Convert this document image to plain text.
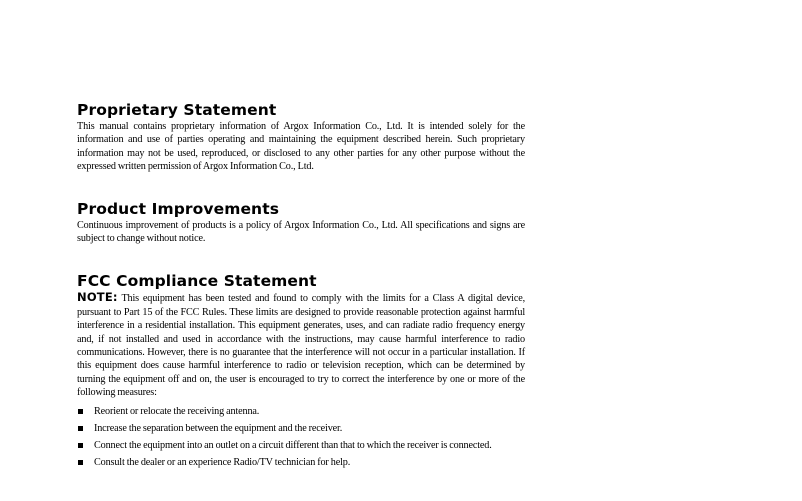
Proprietary Statement

This manual contains proprietary information of Argox Information Co., Ltd. It is intended solely for the information and use of parties operating and maintaining the equipment described herein. Such proprietary information may not be used, reproduced, or disclosed to any other parties for any other purpose without the expressed written permission of Argox Information Co., Ltd.

Product Improvements

Continuous improvement of products is a policy of Argox Information Co., Ltd. All specifications and signs are subject to change without notice.

FCC Compliance Statement

NOTE: This equipment has been tested and found to comply with the limits for a Class A digital device, pursuant to Part 15 of the FCC Rules. These limits are designed to provide reasonable protection against harmful interference in a residential installation. This equipment generates, uses, and can radiate radio frequency energy and, if not installed and used in accordance with the instructions, may cause harmful interference to radio communications. However, there is no guarantee that the interference will not occur in a particular installation. If this equipment does cause harmful interference to radio or television reception, which can be determined by turning the equipment off and on, the user is encouraged to try to correct the interference by one or more of the following measures:

Reorient or relocate the receiving antenna.
Increase the separation between the equipment and the receiver.
Connect the equipment into an outlet on a circuit different than that to which the receiver is connected.
Consult the dealer or an experience Radio/TV technician for help.
